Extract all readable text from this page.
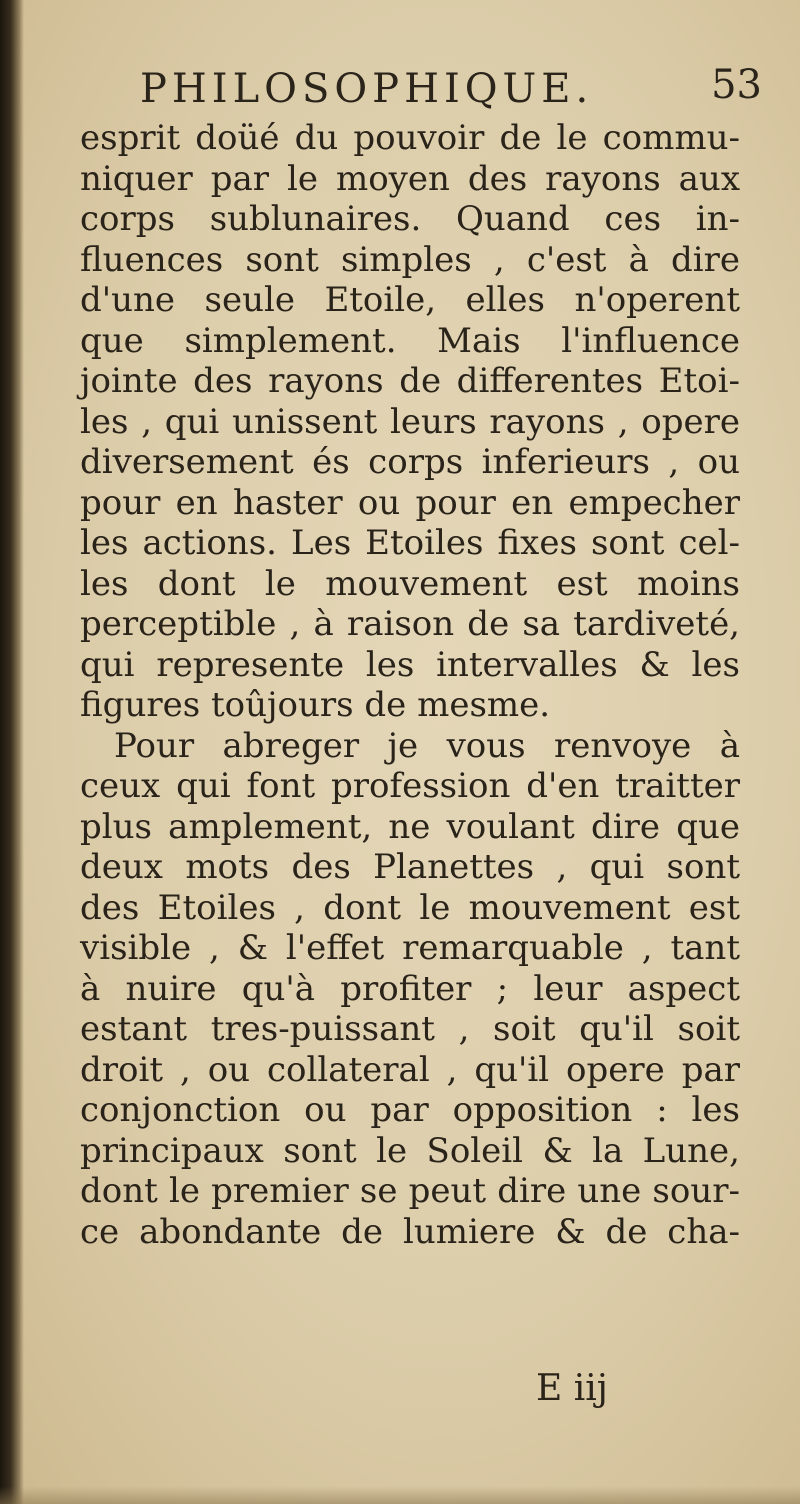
PHILOSOPHIQUE.	53
esprit doüé du pouvoir de le commu-
niquer par le moyen des rayons aux
corps sublunaires. Quand ces in-
fluences sont simples , c'est à dire
d'une seule Etoile, elles n'operent
que simplement. Mais l'influence
jointe des rayons de differentes Etoi-
les , qui unissent leurs rayons , opere
diversement és corps inferieurs , ou
pour en haster ou pour en empecher
les actions. Les Etoiles fixes sont cel-
les dont le mouvement est moins
perceptible , à raison de sa tardiveté,
qui represente les intervalles & les
figures toûjours de mesme.
Pour abreger je vous renvoye à
ceux qui font profession d'en traitter
plus amplement, ne voulant dire que
deux mots des Planettes , qui sont
des Etoiles , dont le mouvement est
visible , & l'effet remarquable , tant
à nuire qu'à profiter ; leur aspect
estant tres-puissant , soit qu'il soit
droit , ou collateral , qu'il opere par
conjonction ou par opposition : les
principaux sont le Soleil & la Lune,
dont le premier se peut dire une sour-
ce abondante de lumiere & de cha-
E iij
